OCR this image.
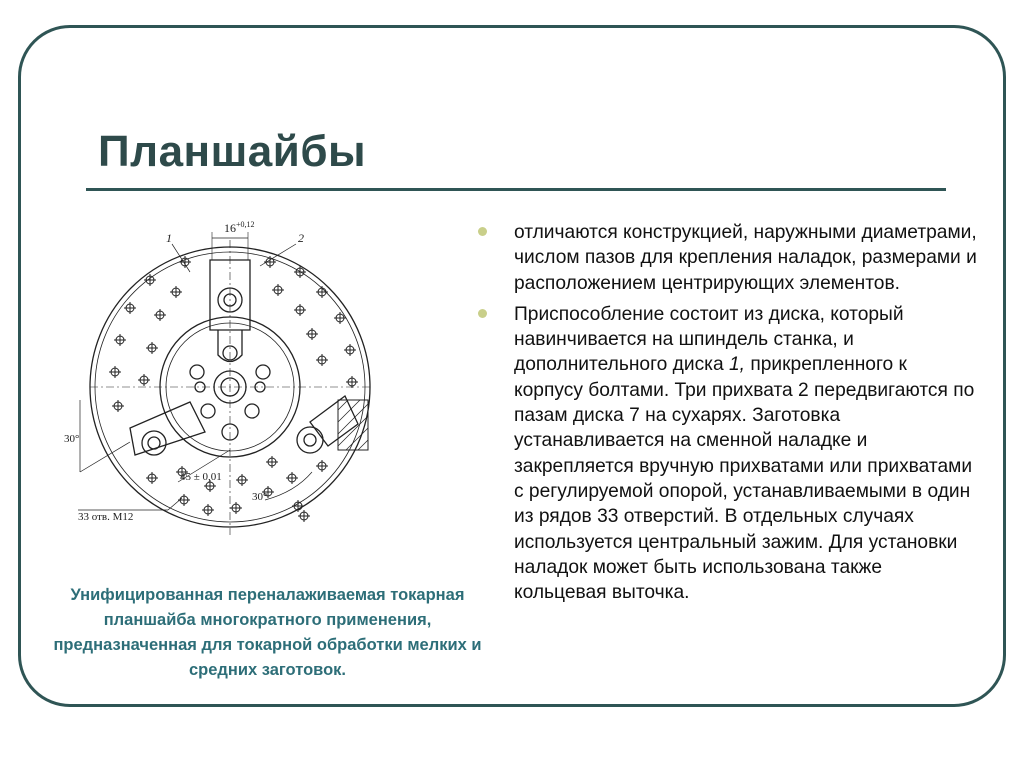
Планшайбы
$16^{+0,12}$
1	2
30°
45 ± 0,01
30°
33 отв. М12
Унифицированная переналаживаемая токарная планшайба многократного применения, предназначенная для токарной обработки мелких и средних заготовок.
отличаются конструкцией, наружными диаметрами, числом пазов для крепления наладок, размерами и расположением центрирующих элементов.
Приспособление состоит из диска, который навинчивается на шпиндель станка, и дополнительного диска 1, прикрепленного к корпусу болтами. Три прихвата 2 передвигаются по пазам диска 7 на сухарях. Заготовка устанавливается на сменной наладке и закрепляется вручную прихватами или прихватами с регулируемой опорой, устанавливаемыми в один из рядов 33 отверстий. В отдельных случаях используется центральный зажим. Для установки наладок может быть использована также кольцевая выточка.
